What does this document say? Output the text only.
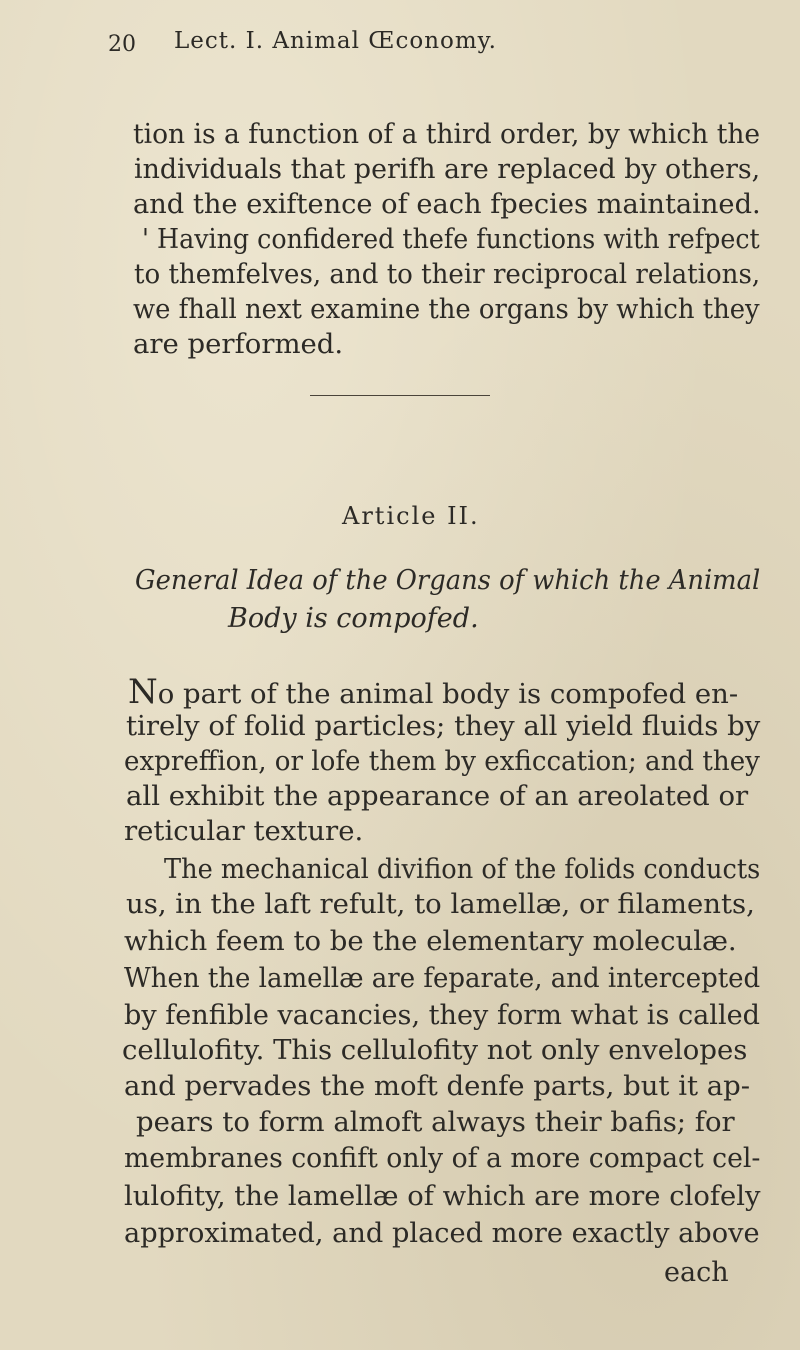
20 Lect. I. Animal Œconomy.
tion is a function of a third order, by which the
individuals that perifh are replaced by others,
and the exiftence of each fpecies maintained.
' Having confidered thefe functions with refpect
to themfelves, and to their reciprocal relations,
we fhall next examine the organs by which they
are performed.
Article II.
General Idea of the Organs of which the Animal
Body is compofed.
No part of the animal body is compofed en-
tirely of folid particles; they all yield fluids by
expreffion, or lofe them by exficcation; and they
all exhibit the appearance of an areolated or
reticular texture.
The mechanical divifion of the folids conducts
us, in the laft refult, to lamellæ, or filaments,
which feem to be the elementary moleculæ.
When the lamellæ are feparate, and intercepted
by fenfible vacancies, they form what is called
cellulofity. This cellulofity not only envelopes
and pervades the moft denfe parts, but it ap-
pears to form almoft always their bafis; for
membranes confift only of a more compact cel-
lulofity, the lamellæ of which are more clofely
approximated, and placed more exactly above
each
